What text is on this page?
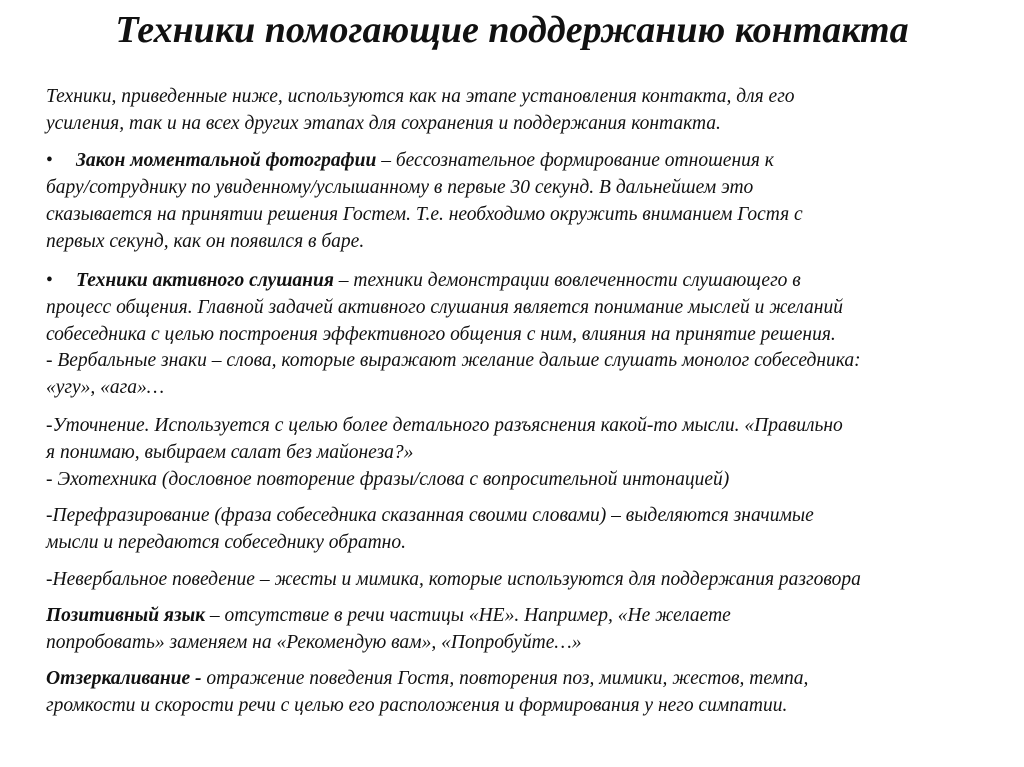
Техники помогающие поддержанию контакта
Техники, приведенные ниже, используются как на этапе установления контакта, для его
усиления, так и на всех других этапах для сохранения и поддержания контакта.
• Закон моментальной фотографии – бессознательное формирование отношения к
бару/сотруднику по увиденному/услышанному в первые 30 секунд. В дальнейшем это
сказывается на принятии решения Гостем. Т.е. необходимо окружить вниманием Гостя с
первых секунд, как он появился в баре.
• Техники активного слушания – техники демонстрации вовлеченности слушающего в
процесс общения. Главной задачей активного слушания является понимание мыслей и желаний
собеседника с целью построения эффективного общения с ним, влияния на принятие решения.
- Вербальные знаки – слова, которые выражают желание дальше слушать монолог собеседника:
«угу», «ага»…
-Уточнение. Используется с целью более детального разъяснения какой-то мысли. «Правильно
я понимаю, выбираем салат без майонеза?»
- Эхотехника (дословное повторение фразы/слова с вопросительной интонацией)
-Перефразирование (фраза собеседника сказанная своими словами) – выделяются значимые
мысли и передаются собеседнику обратно.
-Невербальное поведение – жесты и мимика, которые используются для поддержания разговора
Позитивный язык – отсутствие в речи частицы «НЕ». Например, «Не желаете
попробовать» заменяем на «Рекомендую вам», «Попробуйте…»
Отзеркаливание - отражение поведения Гостя, повторения поз, мимики, жестов, темпа,
громкости и скорости речи с целью его расположения и формирования у него симпатии.
